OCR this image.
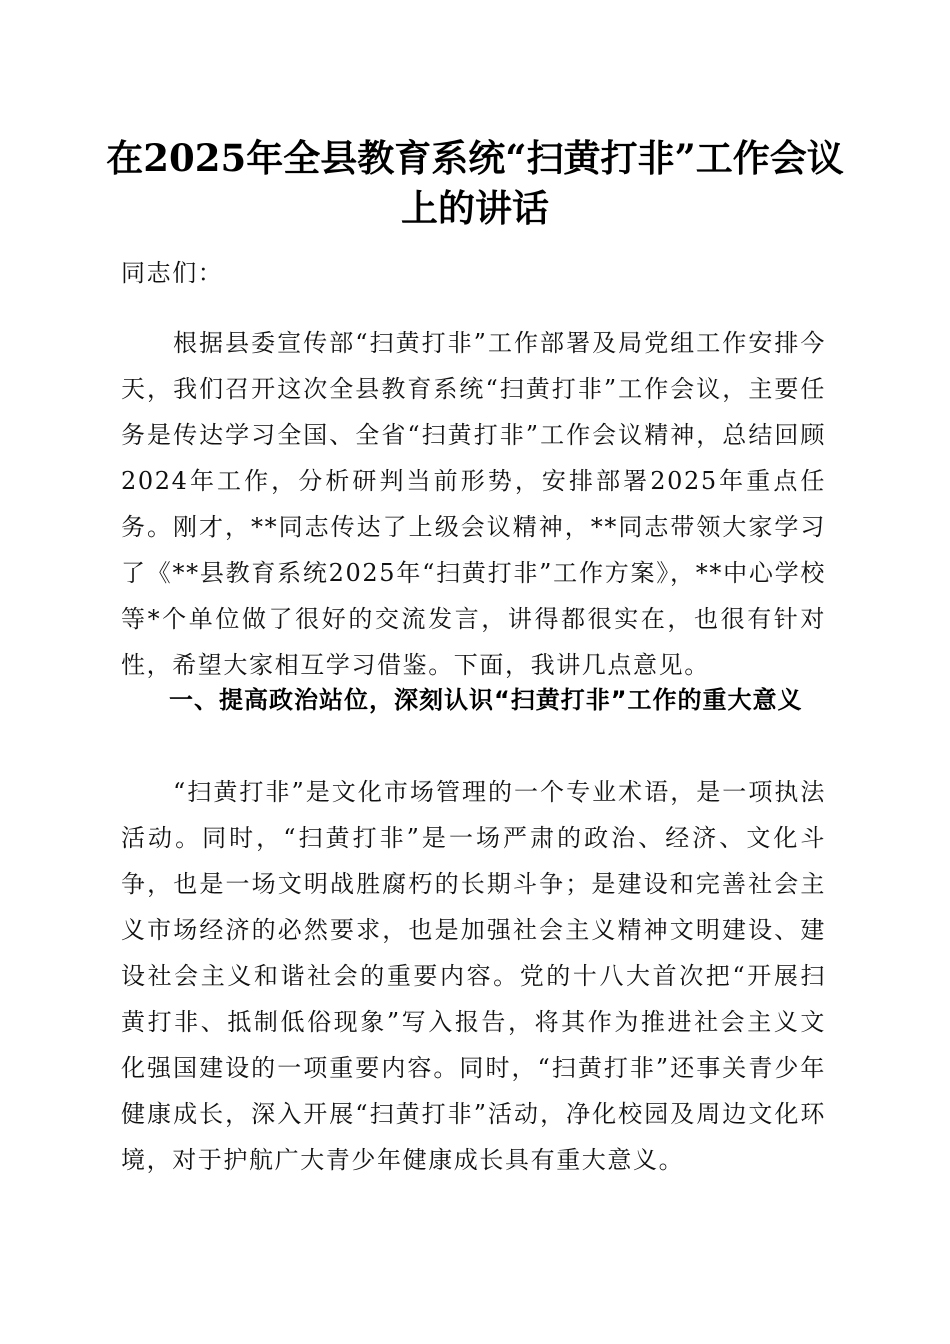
在2025年全县教育系统“扫黄打非”工作会议上的讲话

同志们：

根据县委宣传部“扫黄打非”工作部署及局党组工作安排今天，我们召开这次全县教育系统“扫黄打非”工作会议，主要任务是传达学习全国、全省“扫黄打非”工作会议精神，总结回顾2024年工作，分析研判当前形势，安排部署2025年重点任务。刚才，**同志传达了上级会议精神，**同志带领大家学习了《**县教育系统2025年“扫黄打非”工作方案》，**中心学校等*个单位做了很好的交流发言，讲得都很实在，也很有针对性，希望大家相互学习借鉴。下面，我讲几点意见。

一、提高政治站位，深刻认识“扫黄打非”工作的重大意义

“扫黄打非”是文化市场管理的一个专业术语，是一项执法活动。同时，“扫黄打非”是一场严肃的政治、经济、文化斗争，也是一场文明战胜腐朽的长期斗争；是建设和完善社会主义市场经济的必然要求，也是加强社会主义精神文明建设、建设社会主义和谐社会的重要内容。党的十八大首次把“开展扫黄打非、抵制低俗现象”写入报告，将其作为推进社会主义文化强国建设的一项重要内容。同时，“扫黄打非”还事关青少年健康成长，深入开展“扫黄打非”活动，净化校园及周边文化环境，对于护航广大青少年健康成长具有重大意义。
